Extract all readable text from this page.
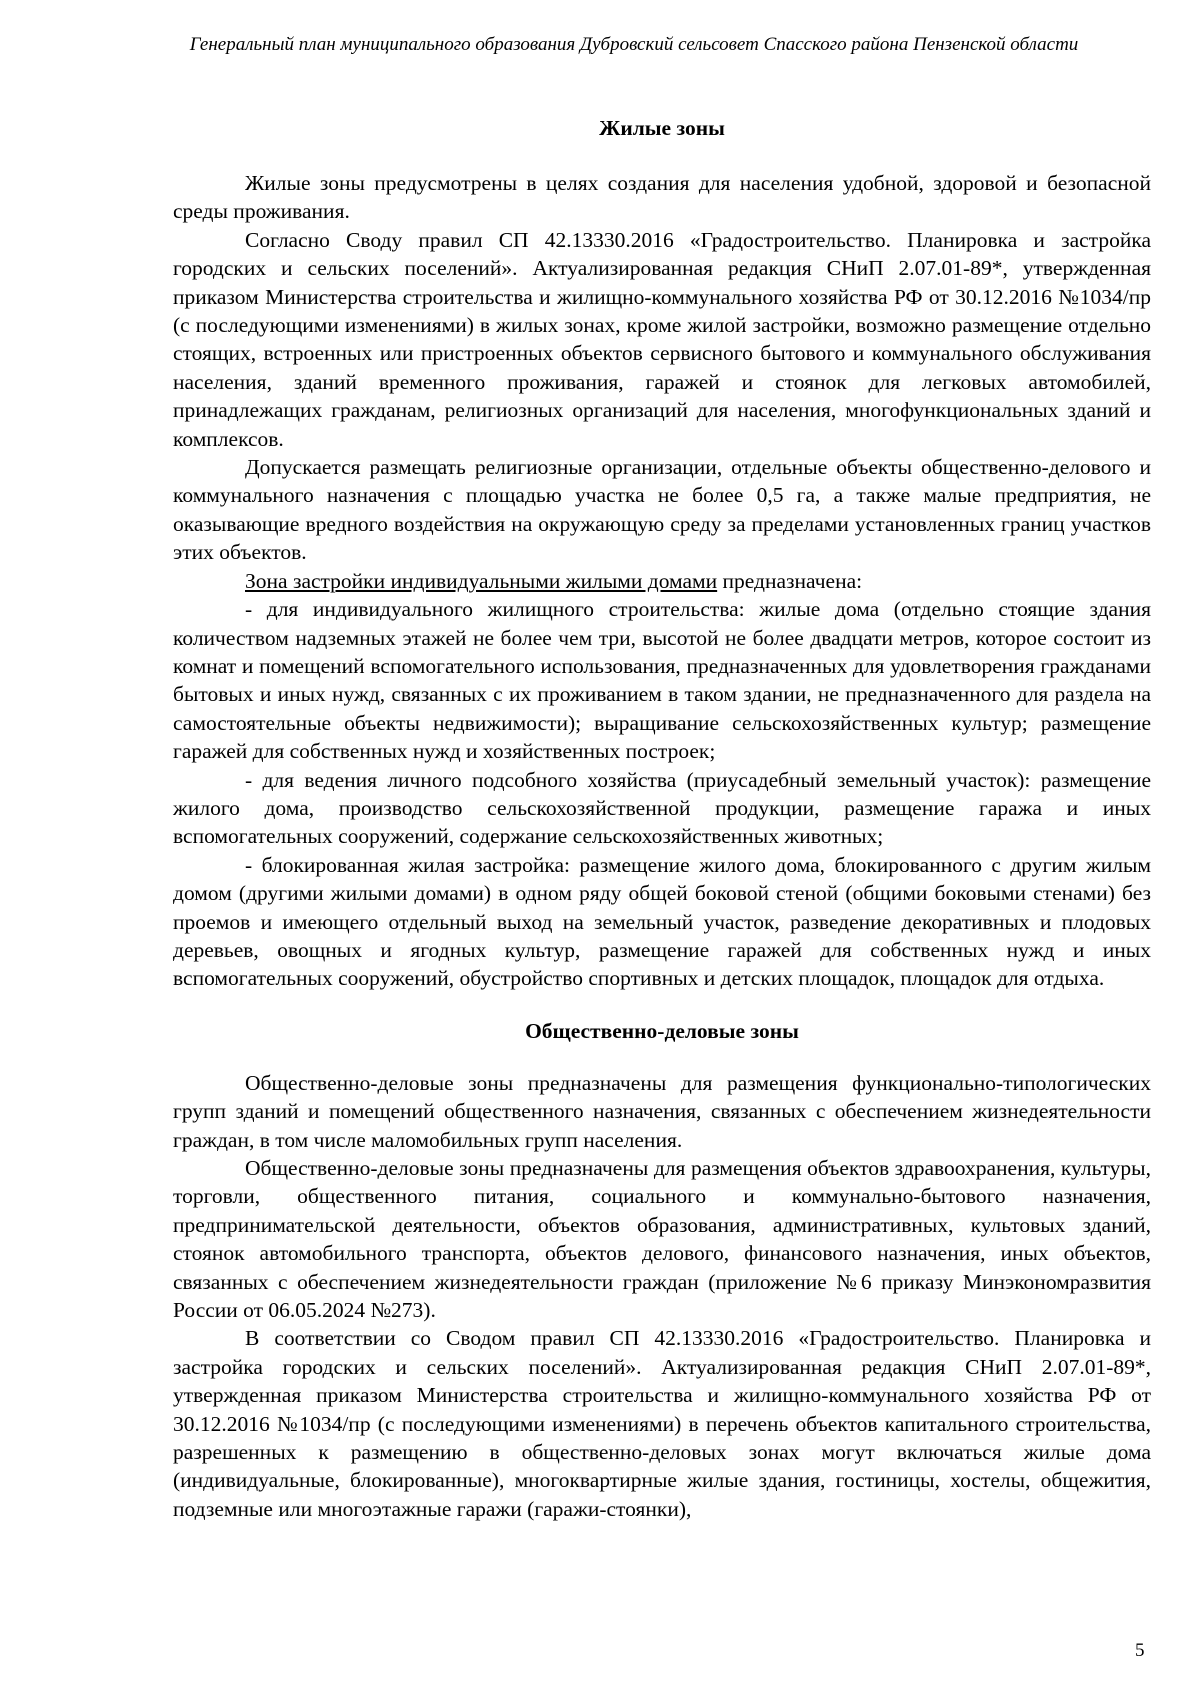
Генеральный план муниципального образования Дубровский сельсовет Спасского района Пензенской области
Жилые зоны

Жилые зоны предусмотрены в целях создания для населения удобной, здоровой и безопасной среды проживания.

Согласно Своду правил СП 42.13330.2016 «Градостроительство. Планировка и застройка городских и сельских поселений». Актуализированная редакция СНиП 2.07.01-89*, утвержденная приказом Министерства строительства и жилищно-коммунального хозяйства РФ от 30.12.2016 №1034/пр (с последующими изменениями) в жилых зонах, кроме жилой застройки, возможно размещение отдельно стоящих, встроенных или пристроенных объектов сервисного бытового и коммунального обслуживания населения, зданий временного проживания, гаражей и стоянок для легковых автомобилей, принадлежащих гражданам, религиозных организаций для населения, многофункциональных зданий и комплексов.

Допускается размещать религиозные организации, отдельные объекты общественно-делового и коммунального назначения с площадью участка не более 0,5 га, а также малые предприятия, не оказывающие вредного воздействия на окружающую среду за пределами установленных границ участков этих объектов.

Зона застройки индивидуальными жилыми домами предназначена:

- для индивидуального жилищного строительства: жилые дома (отдельно стоящие здания количеством надземных этажей не более чем три, высотой не более двадцати метров, которое состоит из комнат и помещений вспомогательного использования, предназначенных для удовлетворения гражданами бытовых и иных нужд, связанных с их проживанием в таком здании, не предназначенного для раздела на самостоятельные объекты недвижимости); выращивание сельскохозяйственных культур; размещение гаражей для собственных нужд и хозяйственных построек;

- для ведения личного подсобного хозяйства (приусадебный земельный участок): размещение жилого дома, производство сельскохозяйственной продукции, размещение гаража и иных вспомогательных сооружений, содержание сельскохозяйственных животных;

- блокированная жилая застройка: размещение жилого дома, блокированного с другим жилым домом (другими жилыми домами) в одном ряду общей боковой стеной (общими боковыми стенами) без проемов и имеющего отдельный выход на земельный участок, разведение декоративных и плодовых деревьев, овощных и ягодных культур, размещение гаражей для собственных нужд и иных вспомогательных сооружений, обустройство спортивных и детских площадок, площадок для отдыха.

Общественно-деловые зоны

Общественно-деловые зоны предназначены для размещения функционально-типологических групп зданий и помещений общественного назначения, связанных с обеспечением жизнедеятельности граждан, в том числе маломобильных групп населения.

Общественно-деловые зоны предназначены для размещения объектов здравоохранения, культуры, торговли, общественного питания, социального и коммунально-бытового назначения, предпринимательской деятельности, объектов образования, административных, культовых зданий, стоянок автомобильного транспорта, объектов делового, финансового назначения, иных объектов, связанных с обеспечением жизнедеятельности граждан (приложение №6 приказу Минэкономразвития России от 06.05.2024 №273).

В соответствии со Сводом правил СП 42.13330.2016 «Градостроительство. Планировка и застройка городских и сельских поселений». Актуализированная редакция СНиП 2.07.01-89*, утвержденная приказом Министерства строительства и жилищно-коммунального хозяйства РФ от 30.12.2016 №1034/пр (с последующими изменениями) в перечень объектов капитального строительства, разрешенных к размещению в общественно-деловых зонах могут включаться жилые дома (индивидуальные, блокированные), многоквартирные жилые здания, гостиницы, хостелы, общежития, подземные или многоэтажные гаражи (гаражи-стоянки),

5
